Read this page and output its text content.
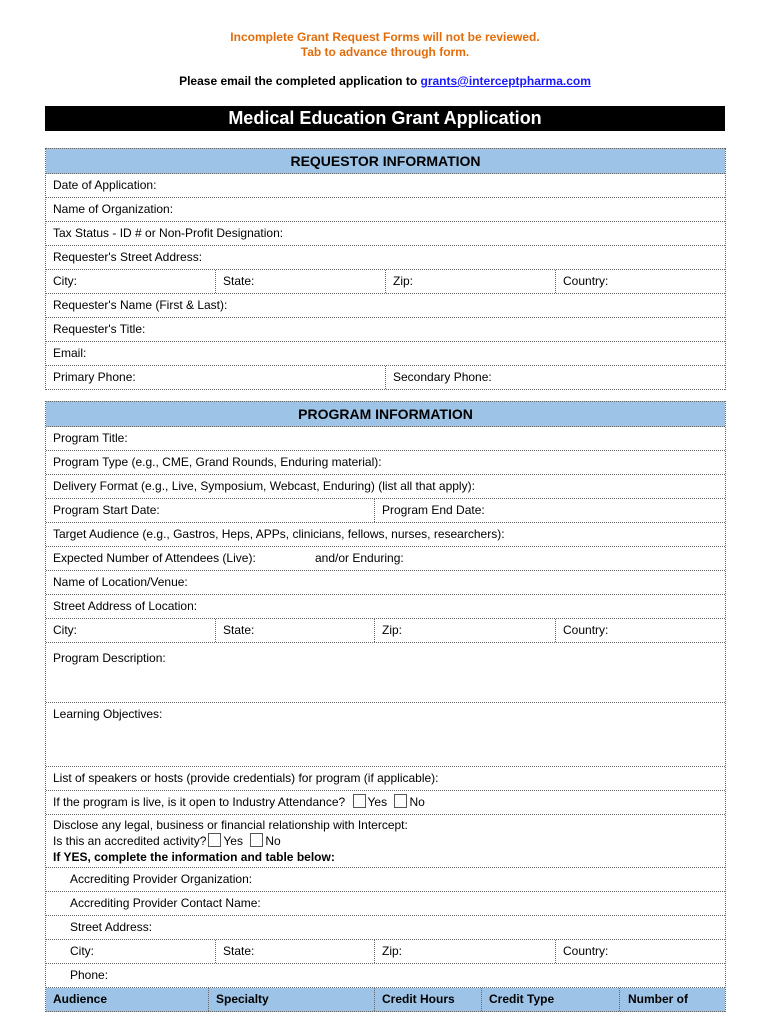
Incomplete Grant Request Forms will not be reviewed.
Tab to advance through form.
Please email the completed application to grants@interceptpharma.com
Medical Education Grant Application
REQUESTOR INFORMATION
Date of Application:
Name of Organization:
Tax Status - ID # or Non-Profit Designation:
Requester's Street Address:
City:	State:	Zip:	Country:
Requester's Name (First & Last):
Requester's Title:
Email:
Primary Phone:	Secondary Phone:
PROGRAM INFORMATION
Program Title:
Program Type (e.g., CME, Grand Rounds, Enduring material):
Delivery Format (e.g., Live, Symposium, Webcast, Enduring) (list all that apply):
Program Start Date:	Program End Date:
Target Audience (e.g., Gastros, Heps, APPs, clinicians, fellows, nurses, researchers):
Expected Number of Attendees (Live):	and/or Enduring:
Name of Location/Venue:
Street Address of Location:
City:	State:	Zip:	Country:
Program Description:
Learning Objectives:
List of speakers or hosts (provide credentials) for program (if applicable):
If the program is live, is it open to Industry Attendance? Yes No
Disclose any legal, business or financial relationship with Intercept:
Is this an accredited activity? Yes No
If YES, complete the information and table below:
Accrediting Provider Organization:
Accrediting Provider Contact Name:
Street Address:
City:	State:	Zip:	Country:
Phone:
Audience	Specialty	Credit Hours	Credit Type	Number of
